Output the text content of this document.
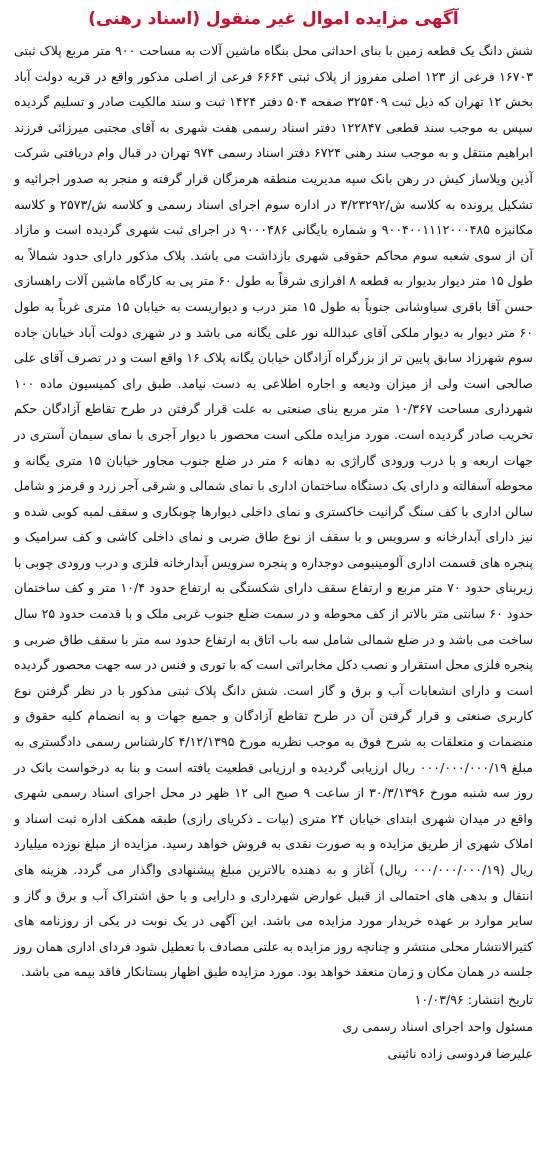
آگهی مزایده اموال غیر منقول (اسناد رهنی)

شش دانگ یک قطعه زمین با بنای احداثی محل بنگاه ماشین آلات به مساحت ۹۰۰ متر مربع پلاک ثبتی ۱۶۷۰۳ فرعی از ۱۲۳ اصلی مفروز از پلاک ثبتی ۶۶۶۴ فرعی از اصلی مذکور واقع در قریه دولت آباد بخش ۱۲ تهران که ذیل ثبت ۳۲۵۴۰۹ صفحه ۵۰۴ دفتر ۱۴۲۴ ثبت و سند مالکیت صادر و تسلیم گردیده سپس به موجب سند قطعی ۱۲۲۸۴۷ دفتر اسناد رسمی هفت شهری به آقای مجتبی میرزائی فرزند ابراهیم منتقل و به موجب سند رهنی ۶۷۲۴ دفتر اسناد رسمی ۹۷۴ تهران در قبال وام دریافتی شرکت آذین ویلاساز کیش در رهن بانک سپه مدیریت منطقه هرمزگان قرار گرفته و منجر به صدور اجرائیه و تشکیل پرونده به کلاسه ش/۳/۲۳۲۹۲ در اداره سوم اجرای اسناد رسمی و کلاسه ش/۲۵۷۳ و کلاسه مکانیزه ۹۰۰۴۰۰۱۱۱۲۰۰۰۴۸۵ و شماره بایگانی ۹۰۰۰۴۸۶ در اجرای ثبت شهری گردیده است و مازاد آن از سوی شعبه سوم محاکم حقوقی شهری بازداشت می باشد. پلاک مذکور دارای حدود شمالاً به طول ۱۵ متر دیوار بدیوار به قطعه ۸ افرازی شرقاً به طول ۶۰ متر پی به کارگاه ماشین آلات راهسازی حسن آقا باقری سیاوشانی جنوباً به طول ۱۵ متر درب و دیواریست به خیابان ۱۵ متری غرباً به طول ۶۰ متر دیوار به دیوار ملکی آقای عبدالله نور علی یگانه می باشد و در شهری دولت آباد خیابان جاده سوم شهرزاد سابق پایین تر از بزرگراه آزادگان خیابان یگانه پلاک ۱۶ واقع است و در تصرف آقای علی صالحی است ولی از میزان ودیعه و اجاره اطلاعی به دست نیامد. طبق رای کمیسیون ماده ۱۰۰ شهرداری مساحت ۱۰/۳۶۷ متر مربع بنای صنعتی به علت قرار گرفتن در طرح تقاطع آزادگان حکم تخریب صادر گردیده است. مورد مزایده ملکی است محصور با دیوار آجری با نمای سیمان آستری در جهات اربعه و با درب ورودی گاراژی به دهانه ۶ متر در ضلع جنوب مجاور خیابان ۱۵ متری یگانه و محوطه آسفالته و دارای یک دستگاه ساختمان اداری با نمای شمالی و شرقی آجر زرد و قرمز و شامل سالن اداری با کف سنگ گرانیت خاکستری و نمای داخلی دیوارها چوبکاری و سقف لمبه کوبی شده و نیز دارای آبدارخانه و سرویس و با سقف از نوع طاق ضربی و نمای داخلی کاشی و کف سرامیک و پنجره های قسمت اداری آلومینیومی دوجداره و پنجره سرویس آبدارخانه فلزی و درب ورودی چوبی با زیربنای حدود ۷۰ متر مربع و ارتفاع سقف دارای شکستگی به ارتفاع حدود ۱۰/۴ متر و کف ساختمان حدود ۶۰ سانتی متر بالاتر از کف محوطه و در سمت ضلع جنوب غربی ملک و با قدمت حدود ۲۵ سال ساخت می باشد و در ضلع شمالی شامل سه باب اتاق به ارتفاع حدود سه متر با سقف طاق ضربی و پنجره فلزی محل استقرار و نصب دکل مخابراتی است که با توری و فنس در سه جهت محصور گردیده است و دارای انشعابات آب و برق و گاز است. شش دانگ پلاک ثبتی مذکور با در نظر گرفتن نوع کاربری صنعتی و قرار گرفتن آن در طرح تقاطع آزادگان و جمیع جهات و به انضمام کلیه حقوق و منضمات و متعلقات به شرح فوق به موجب نظریه مورخ ۴/۱۲/۱۳۹۵ کارشناس رسمی دادگستری به مبلغ ۰۰۰/۰۰۰/۰۰۰/۱۹ ریال ارزیابی گردیده و ارزیابی قطعیت یافته است و بنا به درخواست بانک در روز سه شنبه مورخ ۳۰/۳/۱۳۹۶ از ساعت ۹ صبح الی ۱۲ ظهر در محل اجرای اسناد رسمی شهری واقع در میدان شهری ابتدای خیابان ۲۴ متری (بیات ـ ذکریای رازی) طبقه همکف اداره ثبت اسناد و املاک شهری از طریق مزایده و به صورت نقدی به فروش خواهد رسید. مزایده از مبلغ نوزده میلیارد ریال (۰۰۰/۰۰۰/۰۰۰/۱۹ ریال) آغاز و به دهنده بالاترین مبلغ پیشنهادی واگذار می گردد. هزینه های انتقال و بدهی های احتمالی از قبیل عوارض شهرداری و دارایی و یا حق اشتراک آب و برق و گاز و سایر موارد بر عهده خریدار مورد مزایده می باشد. این آگهی در یک نوبت در یکی از روزنامه های کثیرالانتشار محلی منتشر و چنانچه روز مزایده به علتی مصادف با تعطیل شود فردای اداری همان روز جلسه در همان مکان و زمان منعقد خواهد بود. مورد مزایده طبق اظهار بستانکار فاقد بیمه می باشد.

تاریخ انتشار: ۱۰/۰۳/۹۶

مسئول واحد اجرای اسناد رسمی ری

علیرضا فردوسی زاده نائینی
